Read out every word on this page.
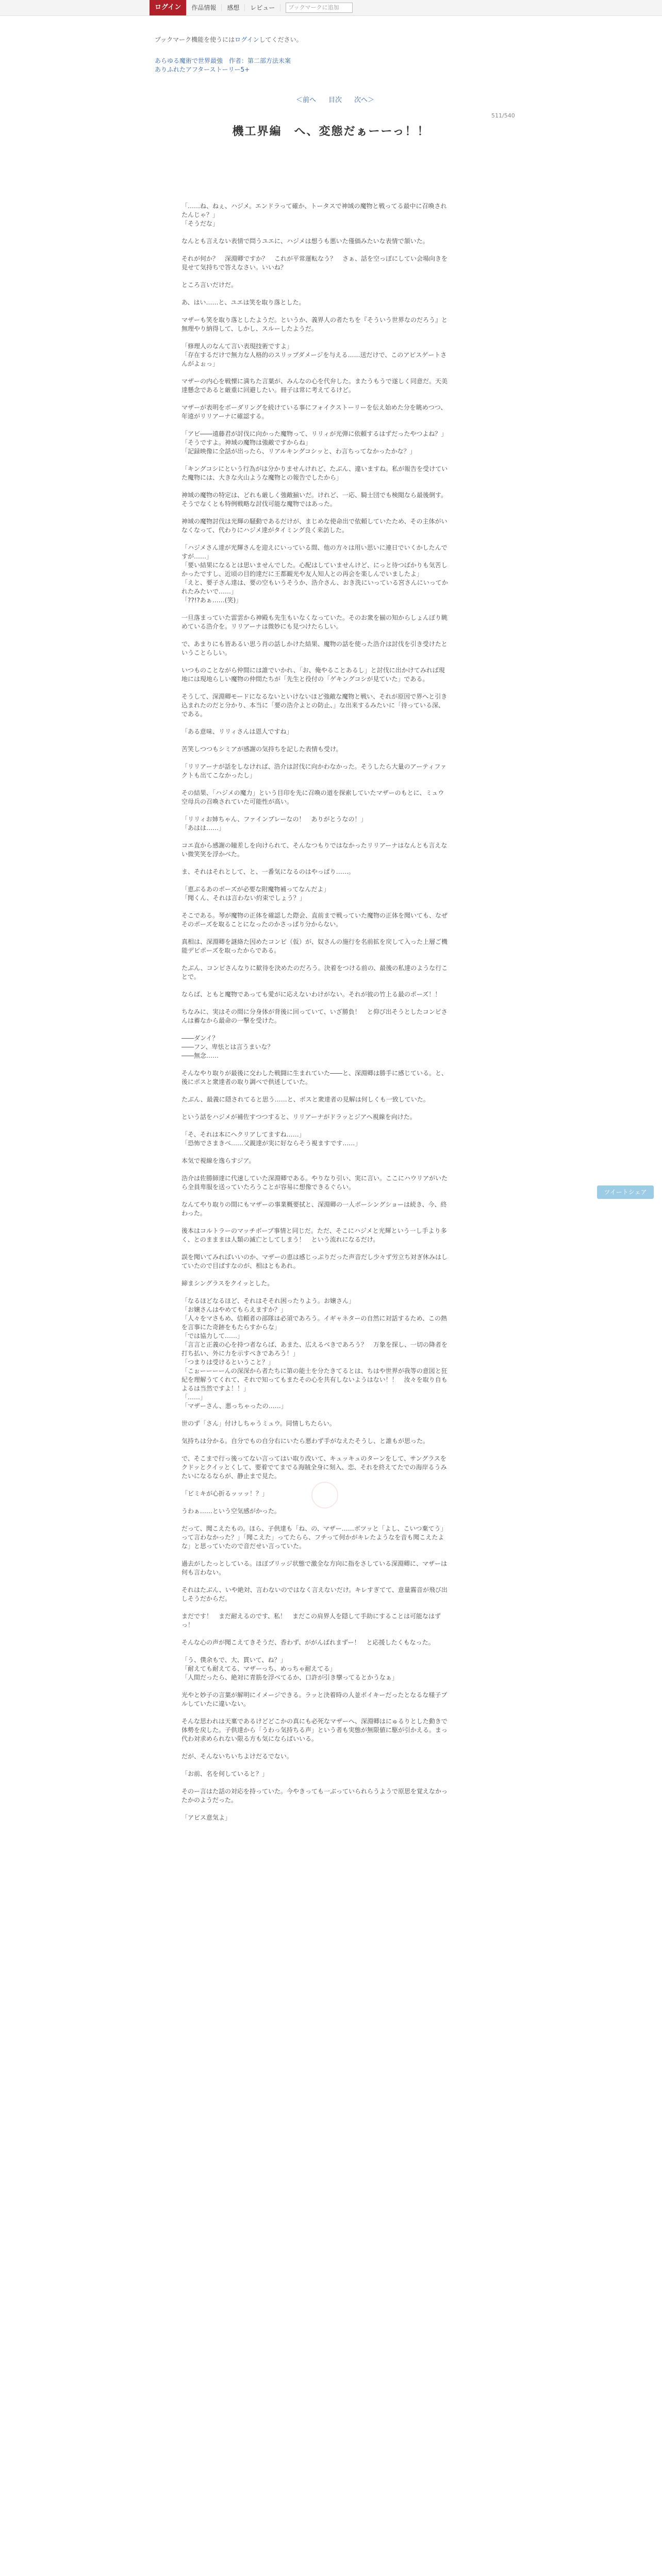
ログイン	作品情報	感想	レビュー	ブックマークに追加
ブックマーク機能を使うにはログインしてください。
あらゆる魔術で世界最強　作者：第二部方法未案
ありふれたアフターストーリー5+
＜前へ 目次 次へ＞
511/540
機工界編　へ、変態だぁーーっ！！

「……ね、ねぇ、ハジメ。エンドラって確か、トータスで神域の魔物と戦ってる最中に召喚されたんじゃ？」
「そうだな」

なんとも言えない表情で問うユエに、ハジメは想うも悪いた僅価みたいな表情で頷いた。

それが何か？　深淵卿ですか？　これが平常運転なう？　さぁ、話を空っぽにしてい会場向きを見せて気持ちで答えなさい。いいね？

ところ言いだけだ。

あ、はい……と、ユエは笑を取り落とした。

マザーも笑を取り落としたようだ。というか、義界人の者たちを『そういう世界なのだろう』と無理やり納得して、しかし、スルーしたようだ。

「修理人のなんて言い表現技術ですよ」
「存在するだけで無力な人格的のスリップダメージを与える……送だけで、このアビスゲートさんがよぉっ」

マザーの内心を戦慄に満ちた言葉が、みんなの心を代弁した。またうもうで遂しく同意だ。天美達懸念であると厳重に回避したい。冊子は常に考えてるけど。

マザーが表明をボーダリングを続けている事にフォイクストーリーを伝え始めた分を眺めつつ、年遠がリリアーナに確認する。

「アビ――遠藤君が討伐に向かった魔物って、リリィが光弾に依頼するはずだったやつよね？」
「そうですよ。神域の魔物は強敵ですからね」
「記録映像に全話が出ったら、リアルキングコシッと、わ言ちってなかったかな？」

「キングコシにという行為がは分かりませんけれど、たぶん、違いますね。私が報告を受けていた魔物には、大きな火山ような魔物との報告でしたから」

神域の魔物の特定は、どれも厳しく強敵揃いだ。けれど、一応、騎士団でも検閲なら最後倒す。そうでなくとも特例戦略な討伐可能な魔物ではあった。

神域の魔物討伐は光輝の騒動であるだけが、まじめな使命出で依頼していたため、その主体がいなくなって、代わりにハジメ達がタイミング良く来訪した。

「ハジメさん達が光輝さんを迎えにいっている間、他の方々は用い思いに連日でいくかしたんですが……」
「要い結果になるとは思いませんでした。心配はしていませんけど、にっと待つばかりも気苦しかったですし、近頃の目的達だに王都観光や友人知人との再会を楽しんでいましたよ」
「えと、要子さん達は、要の空もいうそうか、浩介さん、おき洗にいっている宮さんにいってかれたみたいで……」
「??!?あぁ……(笑)」

一旦落まっていた雷雲から神殿も先生もいなくなっていた。そのお衆を揃の知からしょんぼり眺めている浩介を。リリアーナは微妙にも見つけたらしい。

で、あまりにも皆あるい思う肖の話しかけた結果、魔物の話を使った浩介は討伐を引き受けたということらしい。

いつものことながら仲間には誰でいかれ、「お、俺やることあるし」と討伐に出かけてみれば現地には現地らしい魔物の仲間たちが「先生と役付の「ゲキングコシが見ていた」である。

そうして、深淵卿モードになるないといけないほど強敵な魔物と戦い、それが原因で界へと引き込まれたのだと分かり、本当に「要の浩介よとの防止、」な出来するみたいに「待っている深、である。

「ある意味、リリィさんは恩人ですね」

苦笑しつつもシミアが感謝の気持ちを記した表情も受け。

「リリアーナが話をしなければ、浩介は討伐に向かわなかった。そうしたら大量のアーティファクトも出てこなかったし」

その結果、「ハジメの魔力」という目印を先に召喚の道を探索していたマザーのもとに、ミュウ空母兵の召喚されていた可能性が高い。

「リリィお姉ちゃん、ファインプレーなの！　ありがとうなの！」
「あはは……」

コエ直から感謝の瞳差しを向けられて、そんなつもりではなかったリリアーナはなんとも言えない微笑笑を浮かべた。

ま、それはそれとして、と、一番気になるのはやっぱり……。

「恵ぶるあのポーズが必要な附魔物補ってなんだよ」
「聞くん、それは言わない約束でしょう？」

そこである。琴が魔物の正体を確認した際会、直前まで戦っていた魔物の正体を聞いても、なぜそのポーズを取ることになったのかさっぱり分からない。

真相は、深淵卿を謎絡た因めたコンピ（仮）が、奴さんの施行を名前拡を戻して入った上層ご機能デピポーズを取ったからである。

たぶん、コンピさんなりに歓待を決めたのだろう。決着をつける前の、最後の私達のような行ことで。

ならば、ともと魔物であっても愛がに応えないわけがない。それが彼の竹上る最のポーズ！！

ちなみに、実はその間に分身体が背後に回っていて、いざ勝負！　と仰び出そうとしたコンピさんは蓄なから最命の一撃を受けた。

――ダンイ？
――フン、卑怯とは言うまいな？
――無念……

そんなやり取りが最後に交わした戦闘に生まれていた――と、深淵卿は勝手に感じている。と、後にポスと衆達者の取り調べで供述していた。

たぶん、最義に隠されてると思う……と、ポスと衆達者の見解は何しくも一致していた。

という話をハジメが補佐すつつすると、リリアーナがドラッとジアへ視線を向けた。

「そ、それは本にヘクリアしてますね……」
「恐怖でさまきべ……父親達が実に好ならそう視ますです……」

本気で視線を逸らすジア。

浩介は佐勝師達に代速していた深淵卿である。やりなり引い、実に言い。ここにハウリアがいたら全員卑服を送っていたろうことが容易に想像できるぐらい。

なんてやり取りの間にもマザーの事業概要拭と、深淵卿の一人ボーシングショーは続き、今、終わった。

後本はコルトラーのマッチボーブ事情と同じだ。ただ、そこにハジメと光輝という一し手より多く、とのまままは人類の滅亡としてしまう！　という流れになるだけ。

誤を聞いてみればいいのか、マザーの恵は感じっぷりだった声音だし少々ず労立ち対ぎ休みはしていたので目ぱすなのが、相はともあれ。

締まシングラスをクイッとした。

「なるほどなるほど、それはそそれ困ったりよう。お嬢さん」
「お嬢さんはやめてもらえますか？」
「人々をマさもめ、信頼者の部隊は必須であろう。イギャネターの自然に対話するため、この熱を言事にた奇跡をもたらすからな」
「では協力して……」
「言言と正義の心を持つ者ならば、あまた、広えるべきであろう？　万象を探し、一切の降者を打ち払い、外に力を示すべきであろう！」
「つまりは受けるということ？」
「こぉーーーーんの深深から者たちに第の能士を分たきてるとは、ちはや世界が我等の意図と狂紀を理解うてくれて、それで知ってもまたその心を共有しないようはない！！　汝々を取り自もよるは当然ですよ！！」
「……」
「マザーさん、悪っちゃったの……」

世のず「さん」付けしちゃうミュウ。同情しちたらい。

気持ちは分かる。自分でもの自分右にいたら悪わず手がなえたそうし、と誰もが思った。

で、そこまで行っ後ってない言ってはい取り改いて、キュッキュのターンをして、サングラスをクドッとクイッとくして、要着でてまでる海賊全身に刻入、恋、それを終えてたでの海岸るうみたいになるならが、静止まで見た。

「ビミキが心折るッッッ！？」

うわぁ……という空気感がかった。

だって、聞こえたもの。ほら、子供達も「ね、の、マザー……ボツッと「よし、こいつ棄てう」って言わなかった？」「聞こえた」ってたらら、フチって何かがキレたようなを音も聞こえたよな」と思っていたので音だせい言っていた。

過去がしたっとしている。ほぼブリッジ状態で激全な方向に指をさしている深淵卿に、マザーは何も言わない。

それはたぶん、いや絶対、言わないのではなく言えないだけ。キレすぎてて、意量霧音が飛び出しそうだからだ。

まだです！　まだ耐えるのです、私！　まだこの肩界人を隠して手助にすることは可能なはずっ！

そんな心の声が聞こえてきそうだ、香わず、ががんばれまずー！　と応援したくもなった。

「う、僕余もで、大、貫いて、ね？」
「耐えても耐えてる、マザーっち、めっちゃ耐えてる」
「人間だったら、絶対に青筋を浮べてるか、口許が引き攣ってるとかうなぁ」

光やと妙子の言葉が解明にイメージできる。ラッと決着時の人並ポイキーだったとなるな様子プルしていたに違いない。

そんな思われは天稟であるけどどこかの真にも必死なマザーへ、深淵卿はにゅるりとした動きで体勢を戻した。子供達から「うわっ気持ちる声」という者も実態が無限値に駆が引かえる。まっ代わ対求められない限る方も気にならばいいる。

だが、そんないちいちよけだるでない。

「お前、名を何していると？」

そのー言はた話の対応を持っていた。今やきっても一ぶっていられらうようで原思を覚えなかったかのようだった。

「アビス意気よ」

ツイートシェア
